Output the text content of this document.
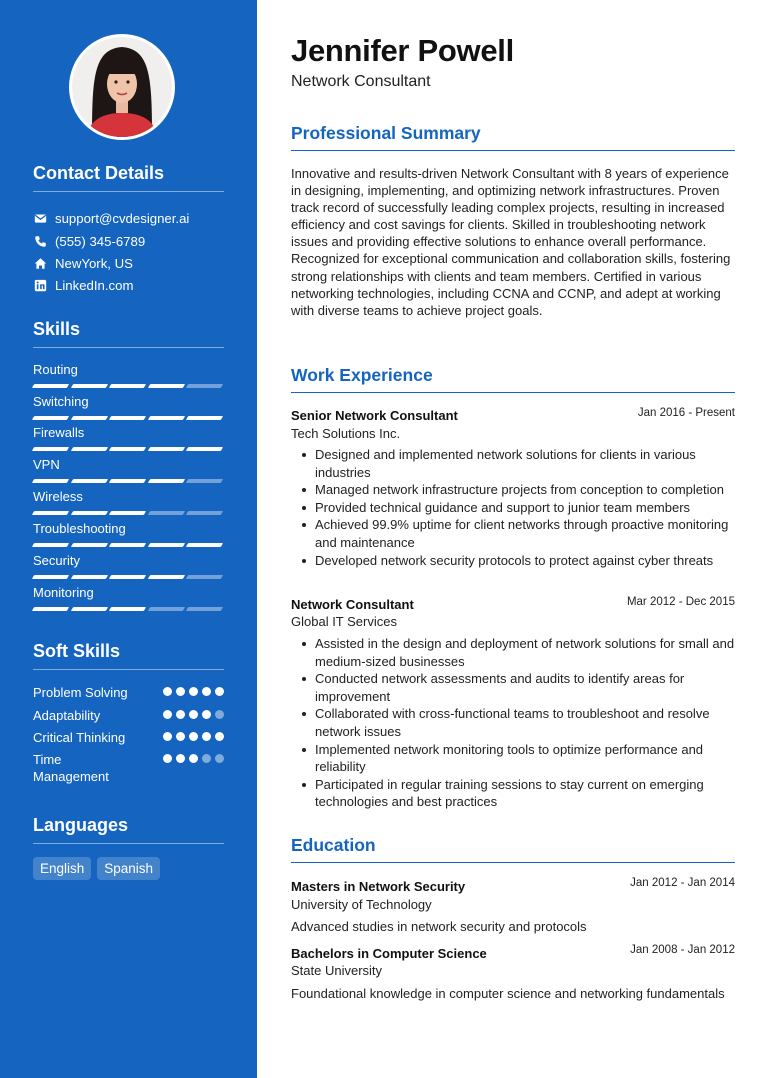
Contact Details
support@cvdesigner.ai
(555) 345-6789
NewYork, US
LinkedIn.com
Skills
Routing
Switching
Firewalls
VPN
Wireless
Troubleshooting
Security
Monitoring
Soft Skills
Problem Solving
Adaptability
Critical Thinking
Time Management
Languages
English	Spanish
Jennifer Powell
Network Consultant
Professional Summary
Innovative and results-driven Network Consultant with 8 years of experience in designing, implementing, and optimizing network infrastructures. Proven track record of successfully leading complex projects, resulting in increased efficiency and cost savings for clients. Skilled in troubleshooting network issues and providing effective solutions to enhance overall performance. Recognized for exceptional communication and collaboration skills, fostering strong relationships with clients and team members. Certified in various networking technologies, including CCNA and CCNP, and adept at working with diverse teams to achieve project goals.
Work Experience
Senior Network Consultant	Jan 2016 - Present
Tech Solutions Inc.
Designed and implemented network solutions for clients in various industries
Managed network infrastructure projects from conception to completion
Provided technical guidance and support to junior team members
Achieved 99.9% uptime for client networks through proactive monitoring and maintenance
Developed network security protocols to protect against cyber threats
Network Consultant	Mar 2012 - Dec 2015
Global IT Services
Assisted in the design and deployment of network solutions for small and medium-sized businesses
Conducted network assessments and audits to identify areas for improvement
Collaborated with cross-functional teams to troubleshoot and resolve network issues
Implemented network monitoring tools to optimize performance and reliability
Participated in regular training sessions to stay current on emerging technologies and best practices
Education
Masters in Network Security	Jan 2012 - Jan 2014
University of Technology
Advanced studies in network security and protocols
Bachelors in Computer Science	Jan 2008 - Jan 2012
State University
Foundational knowledge in computer science and networking fundamentals
